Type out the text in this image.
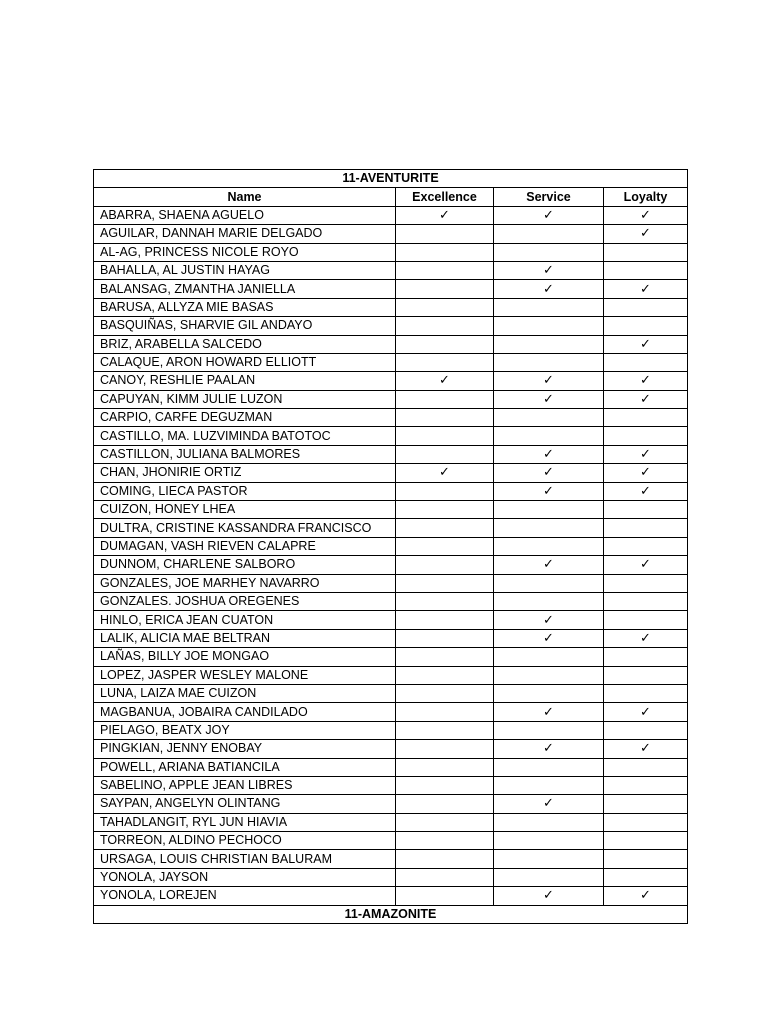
11-AVENTURITE			
Name	Excellence	Service	Loyalty
ABARRA, SHAENA AGUELO	✓	✓	✓
AGUILAR, DANNAH MARIE DELGADO			✓
AL-AG, PRINCESS NICOLE ROYO			
BAHALLA, AL JUSTIN HAYAG		✓	
BALANSAG, ZMANTHA JANIELLA		✓	✓
BARUSA, ALLYZA MIE BASAS			
BASQUIÑAS, SHARVIE GIL ANDAYO			
BRIZ, ARABELLA SALCEDO			✓
CALAQUE, ARON HOWARD ELLIOTT			
CANOY, RESHLIE PAALAN	✓	✓	✓
CAPUYAN, KIMM JULIE LUZON		✓	✓
CARPIO, CARFE DEGUZMAN			
CASTILLO, MA. LUZVIMINDA BATOTOC			
CASTILLON, JULIANA BALMORES		✓	✓
CHAN, JHONIRIE ORTIZ	✓	✓	✓
COMING, LIECA PASTOR		✓	✓
CUIZON, HONEY LHEA			
DULTRA, CRISTINE KASSANDRA FRANCISCO			
DUMAGAN, VASH RIEVEN CALAPRE			
DUNNOM, CHARLENE SALBORO		✓	✓
GONZALES, JOE MARHEY NAVARRO			
GONZALES. JOSHUA OREGENES			
HINLO, ERICA JEAN CUATON		✓	
LALIK, ALICIA MAE BELTRAN		✓	✓
LAÑAS, BILLY JOE MONGAO			
LOPEZ, JASPER WESLEY MALONE			
LUNA, LAIZA MAE CUIZON			
MAGBANUA, JOBAIRA CANDILADO		✓	✓
PIELAGO, BEATX JOY			
PINGKIAN, JENNY ENOBAY		✓	✓
POWELL, ARIANA BATIANCILA			
SABELINO, APPLE JEAN LIBRES			
SAYPAN, ANGELYN OLINTANG		✓	
TAHADLANGIT, RYL JUN HIAVIA			
TORREON, ALDINO PECHOCO			
URSAGA, LOUIS CHRISTIAN BALURAM			
YONOLA, JAYSON			
YONOLA, LOREJEN		✓	✓
11-AMAZONITE			
